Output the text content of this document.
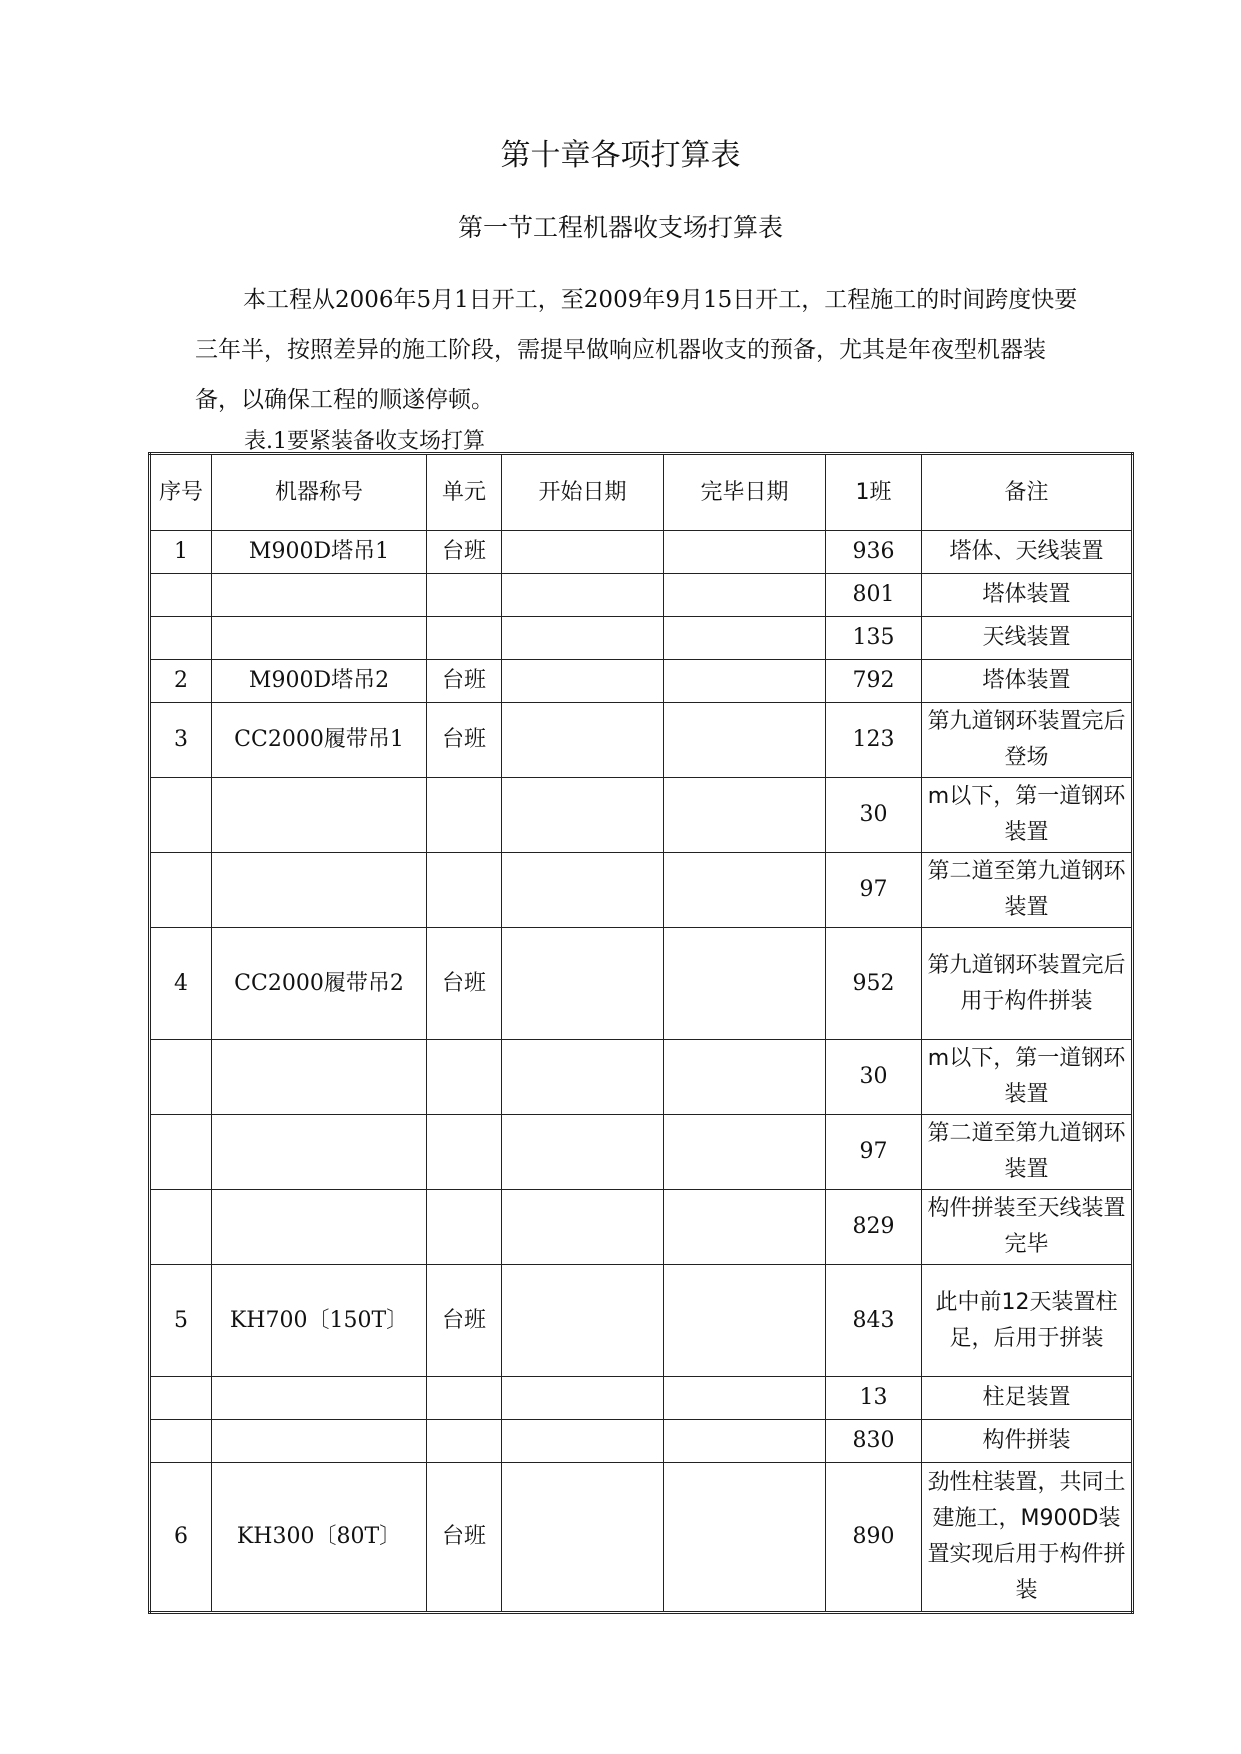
第十章各项打算表
第一节工程机器收支场打算表
本工程从2006年5月1日开工，至2009年9月15日开工，工程施工的时间跨度快要三年半，按照差异的施工阶段，需提早做响应机器收支的预备，尤其是年夜型机器装备，以确保工程的顺遂停顿。
表.1要紧装备收支场打算
序号	机器称号	单元	开始日期	完毕日期	1班	备注
1	M900D塔吊1	台班			936	塔体、天线装置
					801	塔体装置
					135	天线装置
2	M900D塔吊2	台班			792	塔体装置
3	CC2000履带吊1	台班			123	第九道钢环装置完后登场
					30	m以下，第一道钢环装置
					97	第二道至第九道钢环装置
4	CC2000履带吊2	台班			952	第九道钢环装置完后用于构件拼装
					30	m以下，第一道钢环装置
					97	第二道至第九道钢环装置
					829	构件拼装至天线装置完毕
5	KH700〔150T〕	台班			843	此中前12天装置柱足，后用于拼装
					13	柱足装置
					830	构件拼装
6	KH300〔80T〕	台班			890	劲性柱装置，共同土建施工，M900D装置实现后用于构件拼装
